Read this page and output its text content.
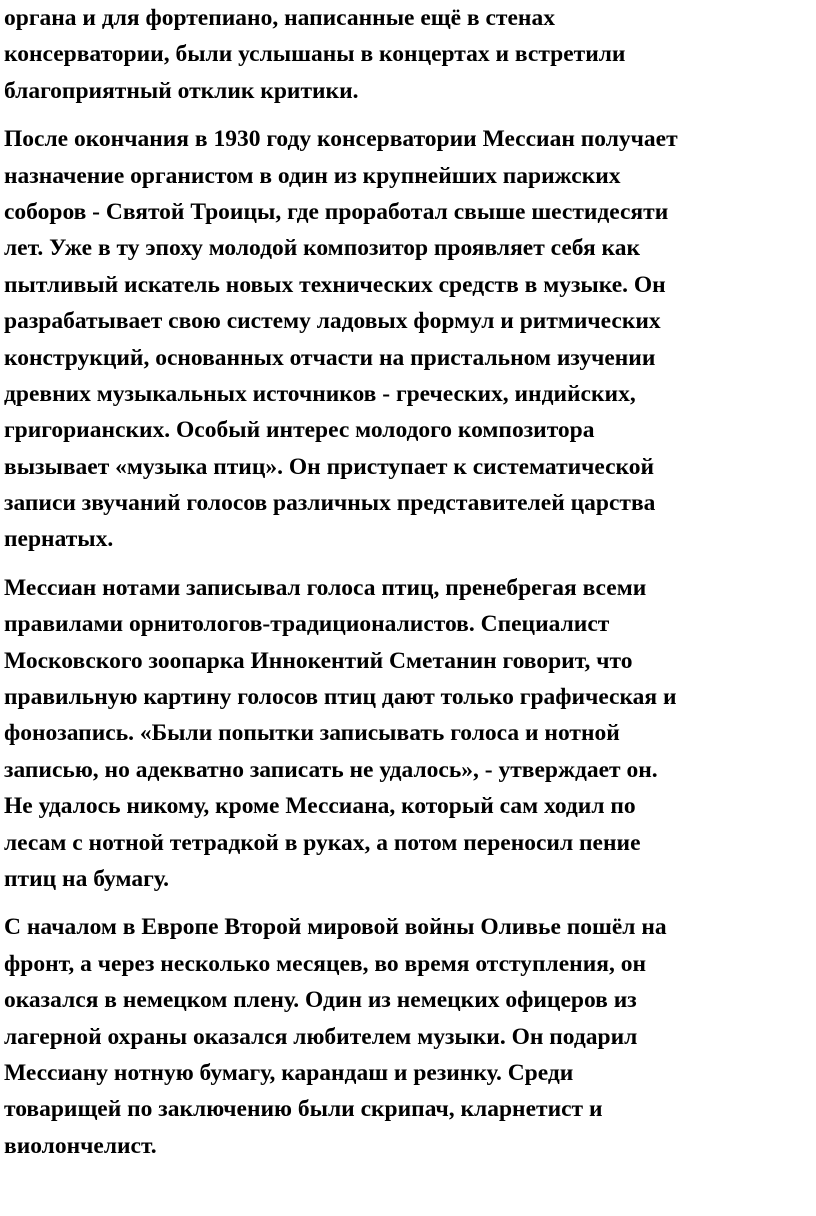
органа и для фортепиано, написанные ещё в стенах
консерватории, были услышаны в концертах и встретили
благоприятный отклик критики.

После окончания в 1930 году консерватории Мессиан получает
назначение органистом в один из крупнейших парижских
соборов - Святой Троицы, где проработал свыше шестидесяти
лет. Уже в ту эпоху молодой композитор проявляет себя как
пытливый искатель новых технических средств в музыке. Он
разрабатывает свою систему ладовых формул и ритмических
конструкций, основанных отчасти на пристальном изучении
древних музыкальных источников - греческих, индийских,
григорианских. Особый интерес молодого композитора
вызывает «музыка птиц». Он приступает к систематической
записи звучаний голосов различных представителей царства
пернатых.

Мессиан нотами записывал голоса птиц, пренебрегая всеми
правилами орнитологов-традиционалистов. Специалист
Московского зоопарка Иннокентий Сметанин говорит, что
правильную картину голосов птиц дают только графическая и
фонозапись. «Были попытки записывать голоса и нотной
записью, но адекватно записать не удалось», - утверждает он.
Не удалось никому, кроме Мессиана, который сам ходил по
лесам с нотной тетрадкой в руках, а потом переносил пение
птиц на бумагу.

С началом в Европе Второй мировой войны Оливье пошёл на
фронт, а через несколько месяцев, во время отступления, он
оказался в немецком плену. Один из немецких офицеров из
лагерной охраны оказался любителем музыки. Он подарил
Мессиану нотную бумагу, карандаш и резинку. Среди
товарищей по заключению были скрипач, кларнетист и
виолончелист.
